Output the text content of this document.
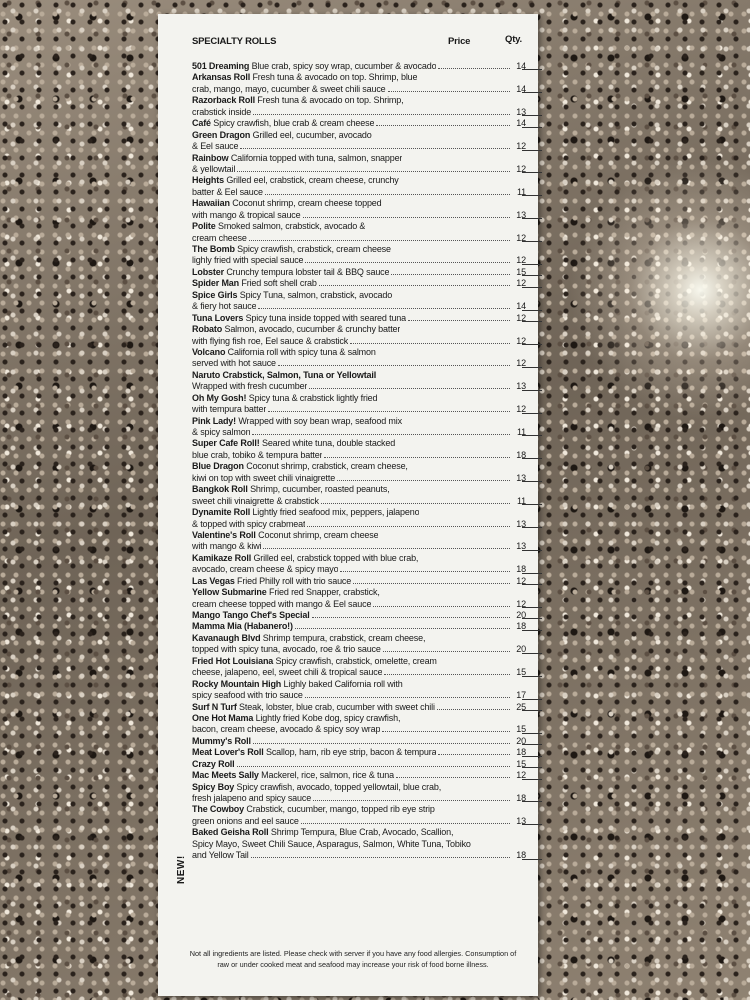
SPECIALTY ROLLS	Price	Qty.
501 Dreaming Blue crab, spicy soy wrap, cucumber & avocado	14
Arkansas Roll Fresh tuna & avocado on top. Shrimp, blue
crab, mango, mayo, cucumber & sweet chili sauce	14
Razorback Roll Fresh tuna & avocado on top. Shrimp,
crabstick inside	13
Café Spicy crawfish, blue crab & cream cheese	14
Green Dragon Grilled eel, cucumber, avocado
& Eel sauce	12
Rainbow California topped with tuna, salmon, snapper
& yellowtail	12
Heights Grilled eel, crabstick, cream cheese, crunchy
batter & Eel sauce	11
Hawaiian Coconut shrimp, cream cheese topped
with mango & tropical sauce	13
Polite Smoked salmon, crabstick, avocado &
cream cheese	12
The Bomb Spicy crawfish, crabstick, cream cheese
lighly fried with special sauce	12
Lobster Crunchy tempura lobster tail & BBQ sauce	15
Spider Man Fried soft shell crab	12
Spice Girls Spicy Tuna, salmon, crabstick, avocado
& fiery hot sauce	14
Tuna Lovers Spicy tuna inside topped with seared tuna	12
Robato Salmon, avocado, cucumber & crunchy batter
with flying fish roe, Eel sauce & crabstick	12
Volcano California roll with spicy tuna & salmon
served with hot sauce	12
Naruto Crabstick, Salmon, Tuna or Yellowtail
Wrapped with fresh cucumber	13
Oh My Gosh! Spicy tuna & crabstick lightly fried
with tempura batter	12
Pink Lady! Wrapped with soy bean wrap, seafood mix
& spicy salmon	11
Super Cafe Roll! Seared white tuna, double stacked
blue crab, tobiko & tempura batter	18
Blue Dragon Coconut shrimp, crabstick, cream cheese,
kiwi on top with sweet chili vinaigrette	13
Bangkok Roll Shrimp, cucumber, roasted peanuts,
sweet chili vinaigrette & crabstick	11
Dynamite Roll Lightly fried seafood mix, peppers, jalapeno
& topped with spicy crabmeat	13
Valentine's Roll Coconut shrimp, cream cheese
with mango & kiwi	13
Kamikaze Roll Grilled eel, crabstick topped with blue crab,
avocado, cream cheese & spicy mayo	18
Las Vegas Fried Philly roll with trio sauce	12
Yellow Submarine Fried red Snapper, crabstick,
cream cheese topped with mango & Eel sauce	12
Mango Tango Chef's Special	20
Mamma Mia (Habanero!)	18
Kavanaugh Blvd Shrimp tempura, crabstick, cream cheese,
topped with spicy tuna, avocado, roe & trio sauce	20
Fried Hot Louisiana Spicy crawfish, crabstick, omelette, cream
cheese, jalapeno, eel, sweet chili & tropical sauce	15
Rocky Mountain High Lighly baked California roll with
spicy seafood with trio sauce	17
Surf N Turf Steak, lobster, blue crab, cucumber with sweet chili	25
One Hot Mama Lightly fried Kobe dog, spicy crawfish,
bacon, cream cheese, avocado & spicy soy wrap	15
Mummy's Roll	20
Meat Lover's Roll Scallop, ham, rib eye strip, bacon & tempura	18
Crazy Roll	15
Mac Meets Sally Mackerel, rice, salmon, rice & tuna	12
Spicy Boy Spicy crawfish, avocado, topped yellowtail, blue crab,
fresh jalapeno and spicy sauce	18
The Cowboy Crabstick, cucumber, mango, topped rib eye strip
green onions and eel sauce	13
Baked Geisha Roll Shrimp Tempura, Blue Crab, Avocado, Scallion,
Spicy Mayo, Sweet Chili Sauce, Asparagus, Salmon, White Tuna, Tobiko
and Yellow Tail	18
NEW!
Not all ingredients are listed. Please check with server if you have any food allergies. Consumption of raw or under cooked meat and seafood may increase your risk of food borne illness.
